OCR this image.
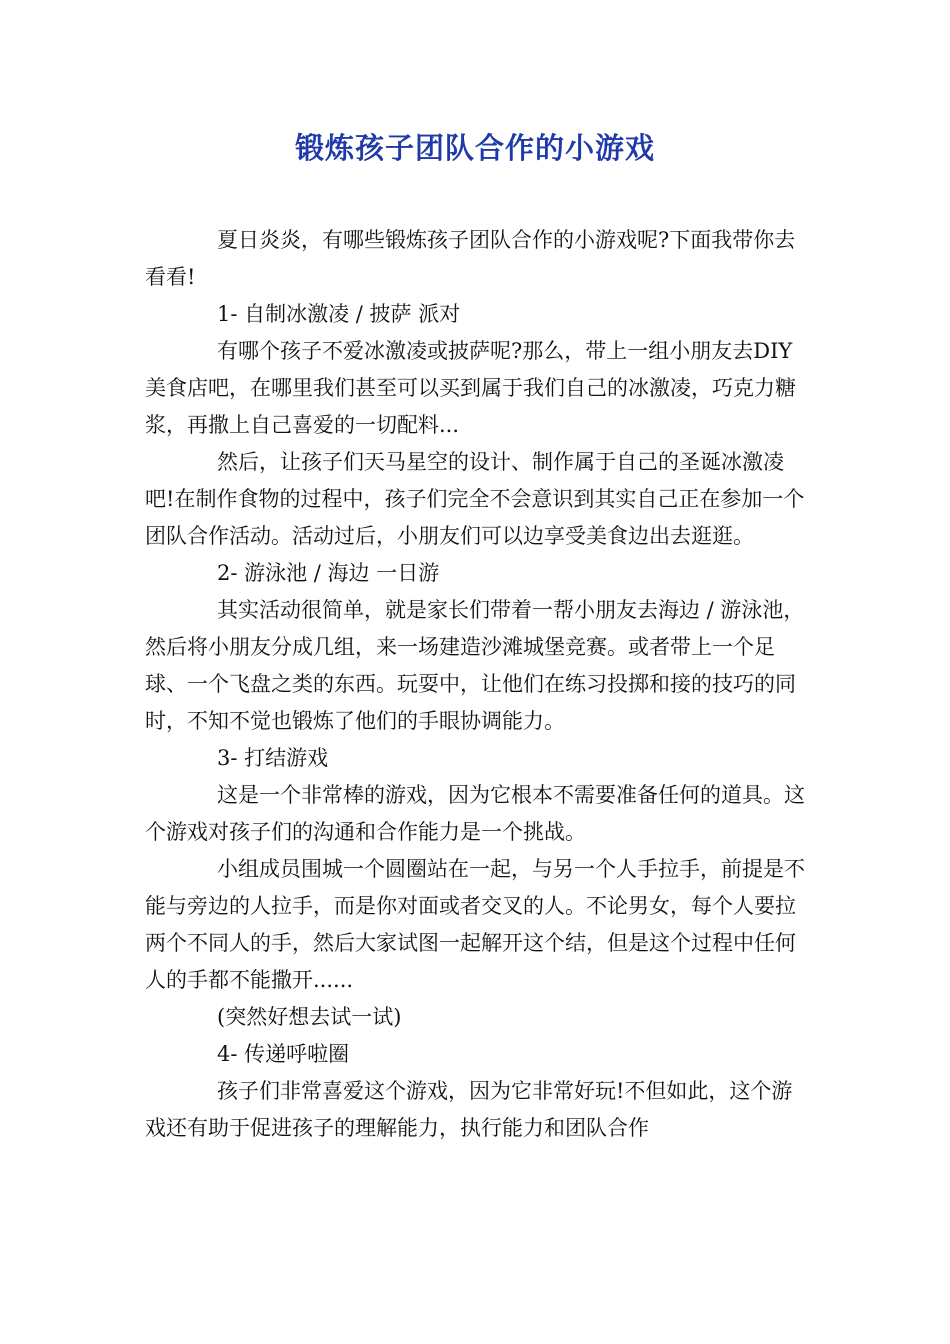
锻炼孩子团队合作的小游戏

夏日炎炎，有哪些锻炼孩子团队合作的小游戏呢?下面我带你去看看!

1- 自制冰激凌 / 披萨 派对

有哪个孩子不爱冰激凌或披萨呢?那么，带上一组小朋友去DIY美食店吧，在哪里我们甚至可以买到属于我们自己的冰激凌，巧克力糖浆，再撒上自己喜爱的一切配料...

然后，让孩子们天马星空的设计、制作属于自己的圣诞冰激凌吧!在制作食物的过程中，孩子们完全不会意识到其实自己正在参加一个团队合作活动。活动过后，小朋友们可以边享受美食边出去逛逛。

2- 游泳池 / 海边 一日游

其实活动很简单，就是家长们带着一帮小朋友去海边 / 游泳池，然后将小朋友分成几组，来一场建造沙滩城堡竞赛。或者带上一个足球、一个飞盘之类的东西。玩耍中，让他们在练习投掷和接的技巧的同时，不知不觉也锻炼了他们的手眼协调能力。

3- 打结游戏

这是一个非常棒的游戏，因为它根本不需要准备任何的道具。这个游戏对孩子们的沟通和合作能力是一个挑战。

小组成员围城一个圆圈站在一起，与另一个人手拉手，前提是不能与旁边的人拉手，而是你对面或者交叉的人。不论男女，每个人要拉两个不同人的手，然后大家试图一起解开这个结，但是这个过程中任何人的手都不能撒开......

(突然好想去试一试)

4- 传递呼啦圈

孩子们非常喜爱这个游戏，因为它非常好玩!不但如此，这个游戏还有助于促进孩子的理解能力，执行能力和团队合作
